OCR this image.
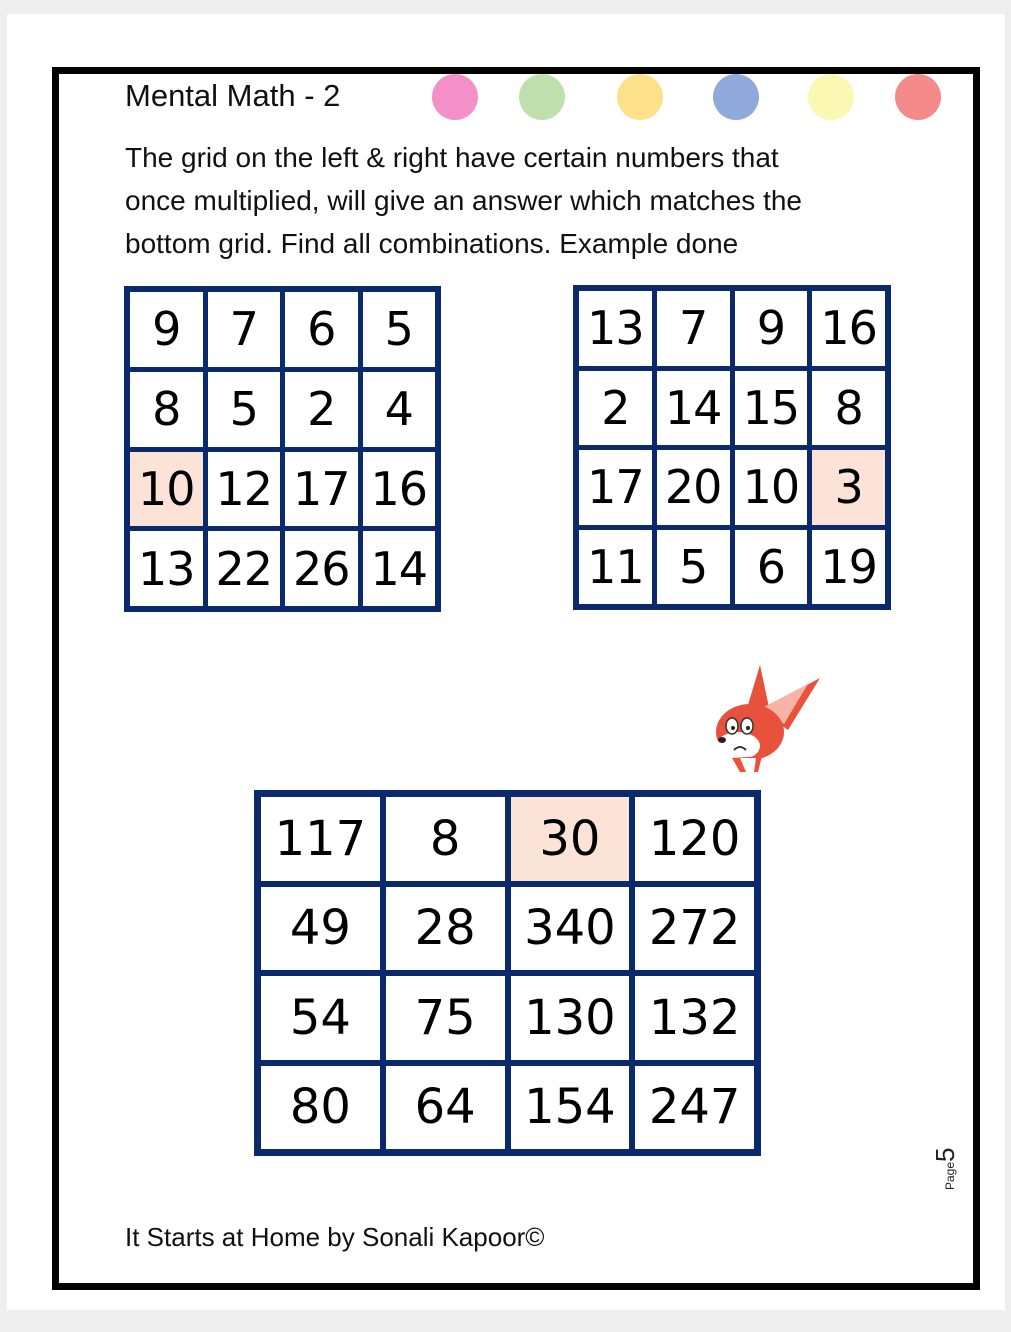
Mental Math - 2
The grid on the left & right have certain numbers that
once multiplied, will give an answer which matches the
bottom grid. Find all combinations. Example done
9	7	6	5
8	5	2	4
10 12 17 16
13 22 26 14
13 7	9 16
2 14 15 8
17 20 10 3
11 5	6 19
117	8	30	120
49	28	340 272
54	75	130 132
80	64	154 247
Page5
It Starts at Home by Sonali Kapoor©
